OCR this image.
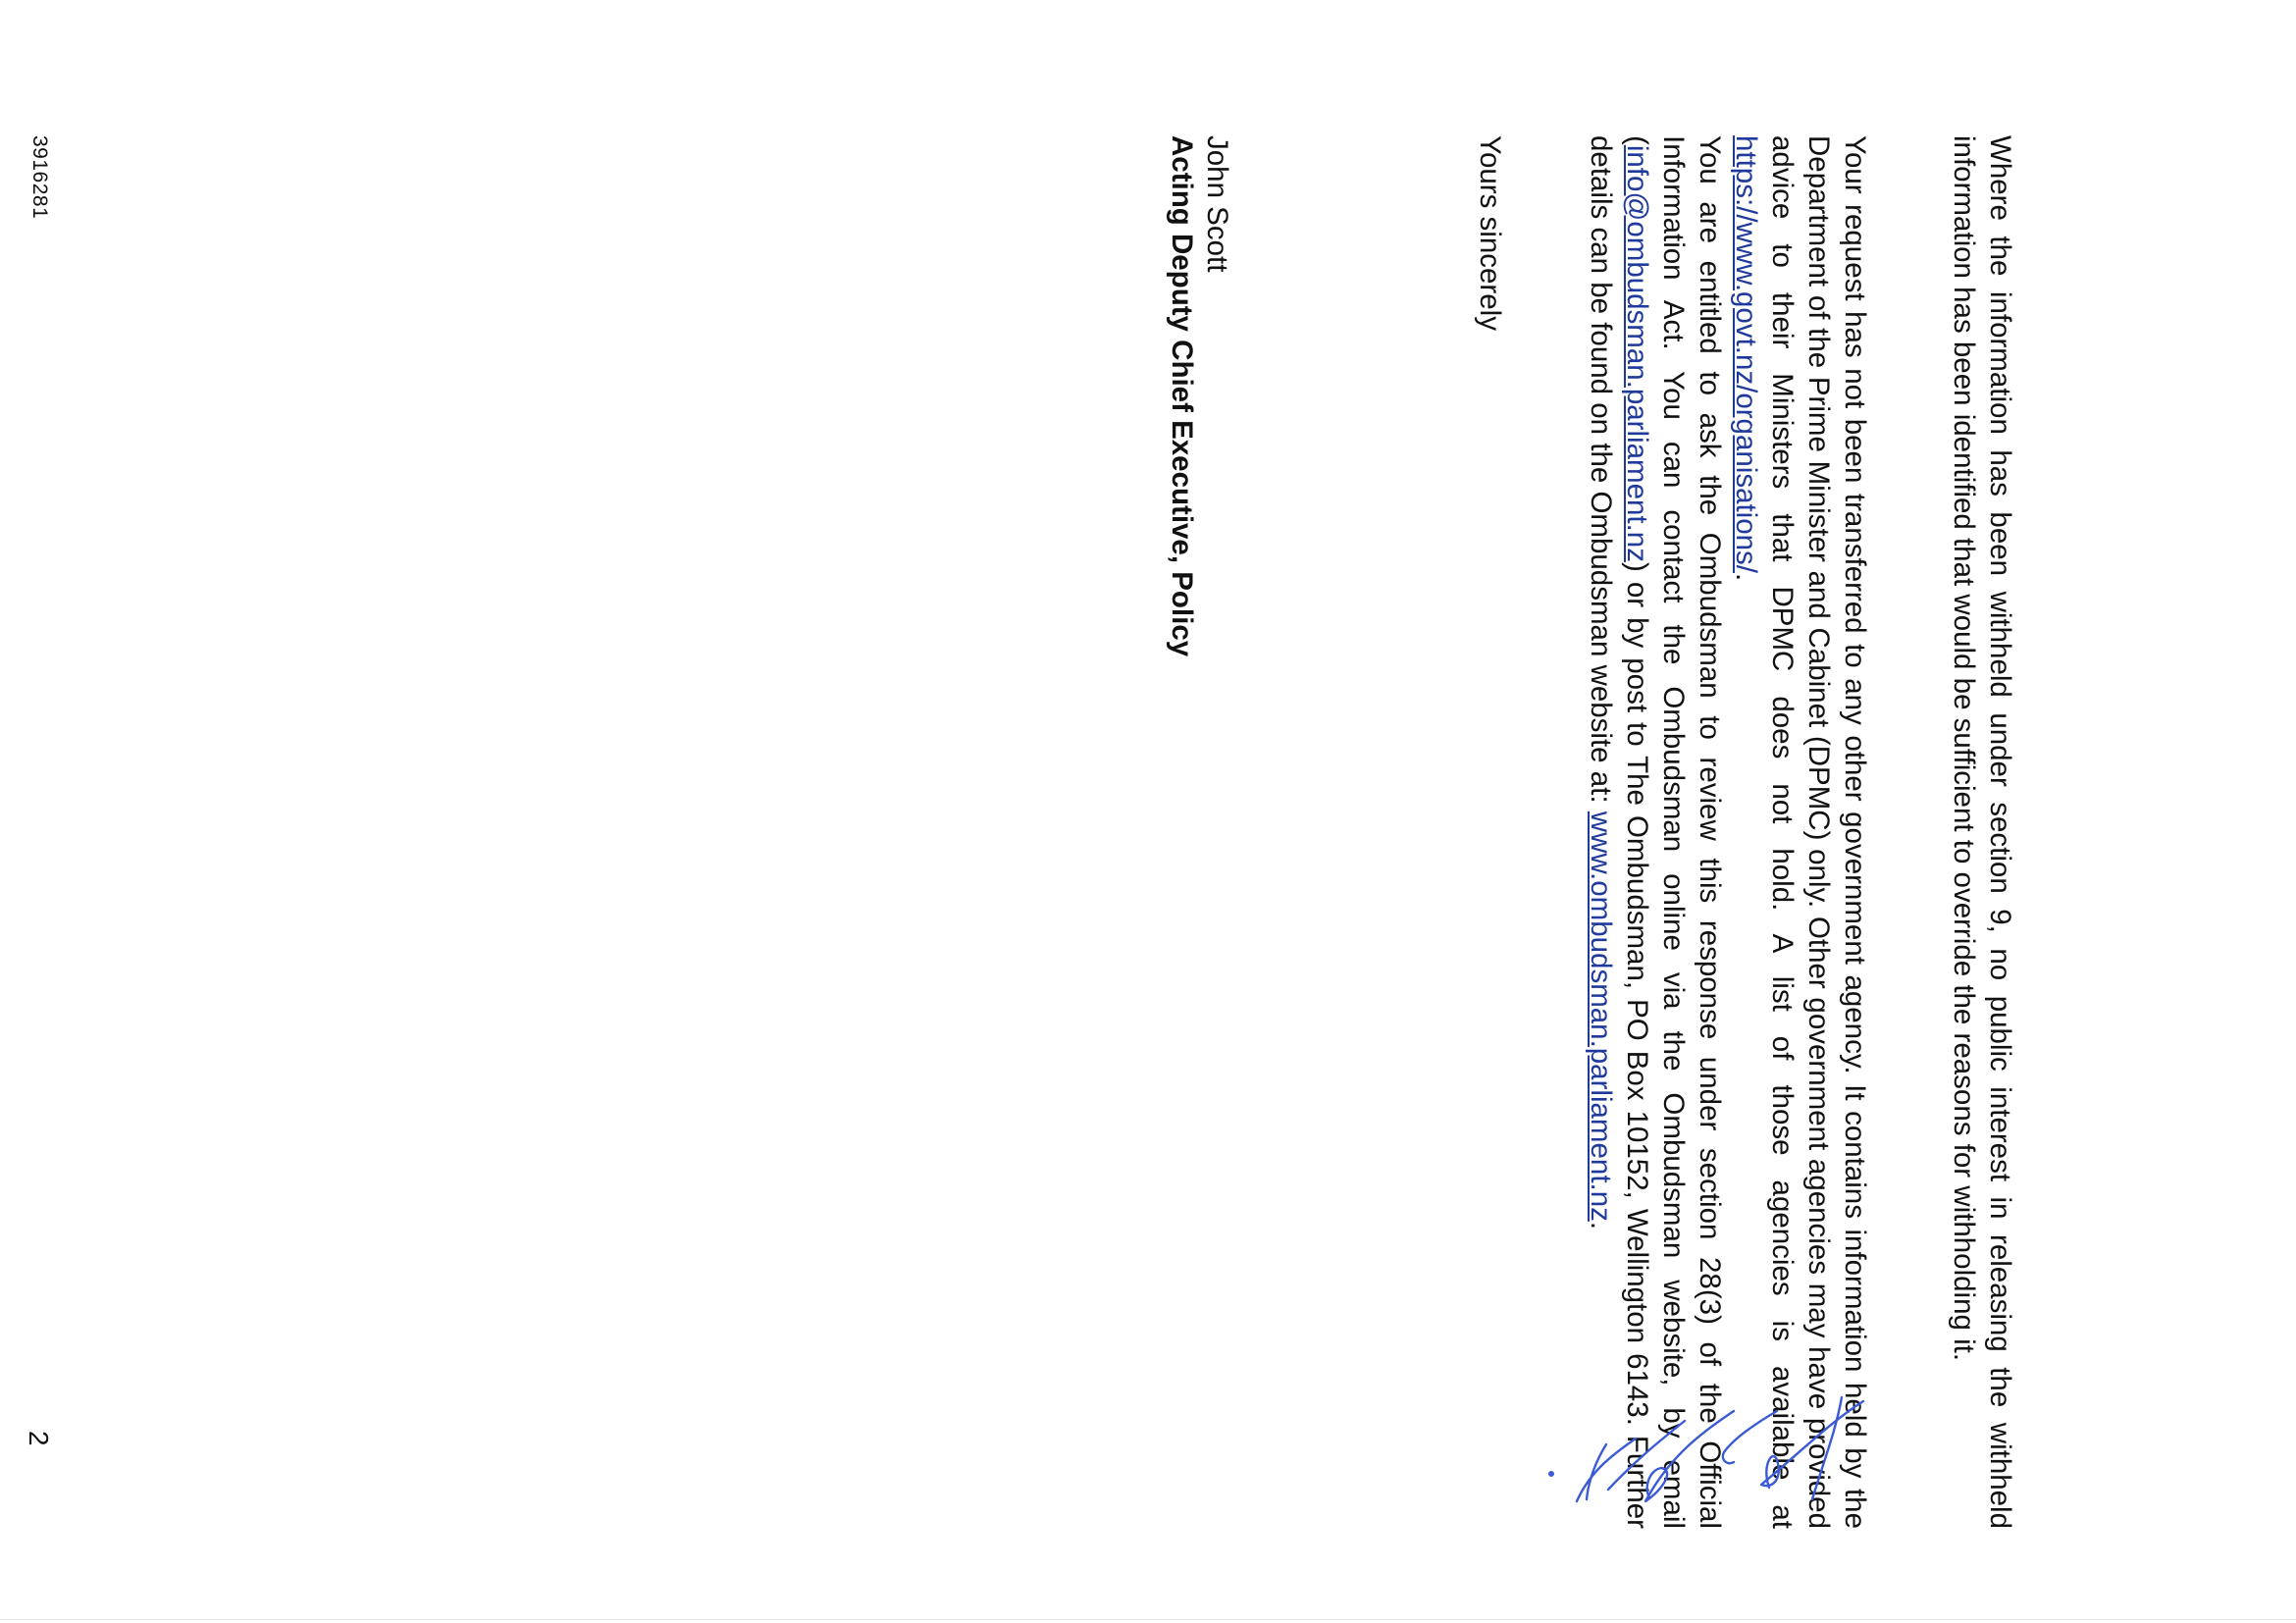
Where the information has been withheld under section 9, no public interest in releasing the withheld information has been identified that would be sufficient to override the reasons for withholding it.

Your request has not been transferred to any other government agency. It contains information held by the Department of the Prime Minister and Cabinet (DPMC) only. Other government agencies may have provided advice to their Ministers that DPMC does not hold. A list of those agencies is available at https://www.govt.nz/organisations/.

You are entitled to ask the Ombudsman to review this response under section 28(3) of the Official Information Act. You can contact the Ombudsman online via the Ombudsman website, by email (info@ombudsman.parliament.nz) or by post to The Ombudsman, PO Box 10152, Wellington 6143. Further details can be found on the Ombudsman website at: www.ombudsman.parliament.nz.

Yours sincerely
John Scott
Acting Deputy Chief Executive, Policy
3916281
2
